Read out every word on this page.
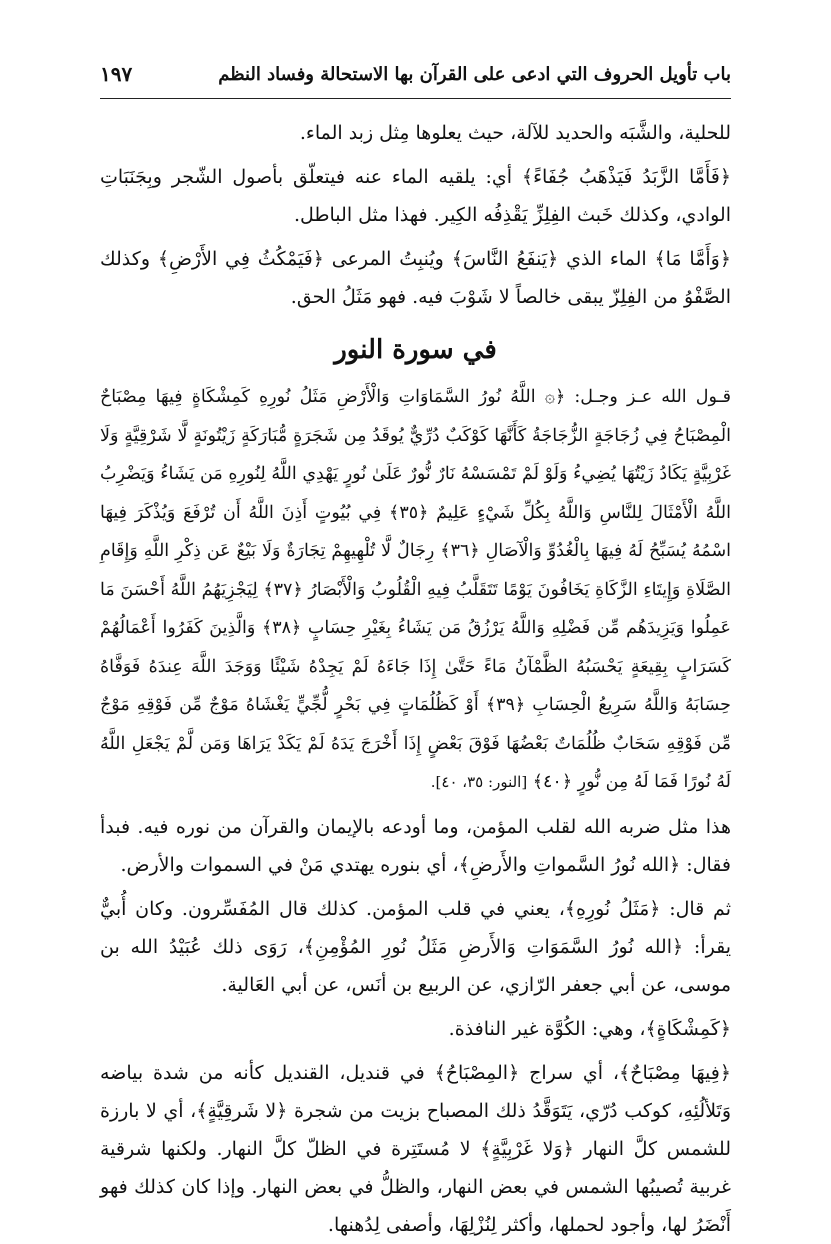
باب تأويل الحروف التي ادعى على القرآن بها الاستحالة وفساد النظم
١٩٧

للحلية، والشَّبَه والحديد للآلة، حيث يعلوها مِثل زبد الماء.

﴿فَأَمَّا الزَّبَدُ فَيَذْهَبُ جُفَاءً﴾ أي: يلقيه الماء عنه فيتعلّق بأصول الشّجر وبِجَنَبَاتِ الوادي، وكذلك خَبث الفِلِزِّ يَقْذِفُه الكِير. فهذا مثل الباطل.

﴿وَأَمَّا مَا﴾ الماء الذي ﴿يَنفَعُ النَّاسَ﴾ ويُنبِتُ المرعى ﴿فَيَمْكُثُ فِي الأَرْضِ﴾ وكذلك الصَّفْوُ من الفِلِزّ يبقى خالصاً لا شَوْبَ فيه. فهو مَثَلُ الحق.

في سورة النور

قـول الله عـز وجـل: ﴿۞ اللَّهُ نُورُ السَّمَاوَاتِ وَالْأَرْضِ مَثَلُ نُورِهِ كَمِشْكَاةٍ فِيهَا مِصْبَاحٌ الْمِصْبَاحُ فِي زُجَاجَةٍ الزُّجَاجَةُ كَأَنَّهَا كَوْكَبٌ دُرِّيٌّ يُوقَدُ مِن شَجَرَةٍ مُّبَارَكَةٍ زَيْتُونَةٍ لَّا شَرْقِيَّةٍ وَلَا غَرْبِيَّةٍ يَكَادُ زَيْتُهَا يُضِيءُ وَلَوْ لَمْ تَمْسَسْهُ نَارٌ نُّورٌ عَلَىٰ نُورٍ يَهْدِي اللَّهُ لِنُورِهِ مَن يَشَاءُ وَيَضْرِبُ اللَّهُ الْأَمْثَالَ لِلنَّاسِ وَاللَّهُ بِكُلِّ شَيْءٍ عَلِيمٌ ﴿٣٥﴾ فِي بُيُوتٍ أَذِنَ اللَّهُ أَن تُرْفَعَ وَيُذْكَرَ فِيهَا اسْمُهُ يُسَبِّحُ لَهُ فِيهَا بِالْغُدُوِّ وَالْآصَالِ ﴿٣٦﴾ رِجَالٌ لَّا تُلْهِيهِمْ تِجَارَةٌ وَلَا بَيْعٌ عَن ذِكْرِ اللَّهِ وَإِقَامِ الصَّلَاةِ وَإِيتَاءِ الزَّكَاةِ يَخَافُونَ يَوْمًا تَتَقَلَّبُ فِيهِ الْقُلُوبُ وَالْأَبْصَارُ ﴿٣٧﴾ لِيَجْزِيَهُمُ اللَّهُ أَحْسَنَ مَا عَمِلُوا وَيَزِيدَهُم مِّن فَضْلِهِ وَاللَّهُ يَرْزُقُ مَن يَشَاءُ بِغَيْرِ حِسَابٍ ﴿٣٨﴾ وَالَّذِينَ كَفَرُوا أَعْمَالُهُمْ كَسَرَابٍ بِقِيعَةٍ يَحْسَبُهُ الظَّمْآنُ مَاءً حَتَّىٰ إِذَا جَاءَهُ لَمْ يَجِدْهُ شَيْئًا وَوَجَدَ اللَّهَ عِندَهُ فَوَفَّاهُ حِسَابَهُ وَاللَّهُ سَرِيعُ الْحِسَابِ ﴿٣٩﴾ أَوْ كَظُلُمَاتٍ فِي بَحْرٍ لُّجِّيٍّ يَغْشَاهُ مَوْجٌ مِّن فَوْقِهِ مَوْجٌ مِّن فَوْقِهِ سَحَابٌ ظُلُمَاتٌ بَعْضُهَا فَوْقَ بَعْضٍ إِذَا أَخْرَجَ يَدَهُ لَمْ يَكَدْ يَرَاهَا وَمَن لَّمْ يَجْعَلِ اللَّهُ لَهُ نُورًا فَمَا لَهُ مِن نُّورٍ ﴿٤٠﴾ [النور: ٣٥، ٤٠].

هذا مثل ضربه الله لقلب المؤمن، وما أودعه بالإيمان والقرآن من نوره فيه. فبدأ فقال: ﴿الله نُورُ السَّمواتِ والأَرضِ﴾، أي بنوره يهتدي مَنْ في السموات والأرض.

ثم قال: ﴿مَثَلُ نُورِهِ﴾، يعني في قلب المؤمن. كذلك قال المُفَسِّرون. وكان أُبيٌّ يقرأ: ﴿الله نُورُ السَّمَوَاتِ وَالأَرضِ مَثَلُ نُورِ المُؤْمِنِ﴾، رَوَى ذلك عُبَيْدُ الله بن موسى، عن أبي جعفر الرّازي، عن الربيع بن أنَس، عن أبي العَالية.

﴿كَمِشْكَاةٍ﴾، وهي: الكُوَّة غير النافذة.

﴿فِيهَا مِصْبَاحٌ﴾، أي سراج ﴿المِصْبَاحُ﴾ في قنديل، القنديل كأنه من شدة بياضه وَتَلألُئِهِ، كوكب دُرّي، يَتَوَقَّدُ ذلك المصباح بزيت من شجرة ﴿لا شَرقِيَّةٍ﴾، أي لا بارزة للشمس كلَّ النهار ﴿وَلا غَرْبِيَّةٍ﴾ لا مُستَتِرة في الظلّ كلَّ النهار. ولكنها شرقية غربية تُصيبُها الشمس في بعض النهار، والظلُّ في بعض النهار. وإذا كان كذلك فهو أَنْضَرُ لها، وأجود لحملها، وأكثر لِنُزْلِهَا، وأصفى لِدُهنها.
